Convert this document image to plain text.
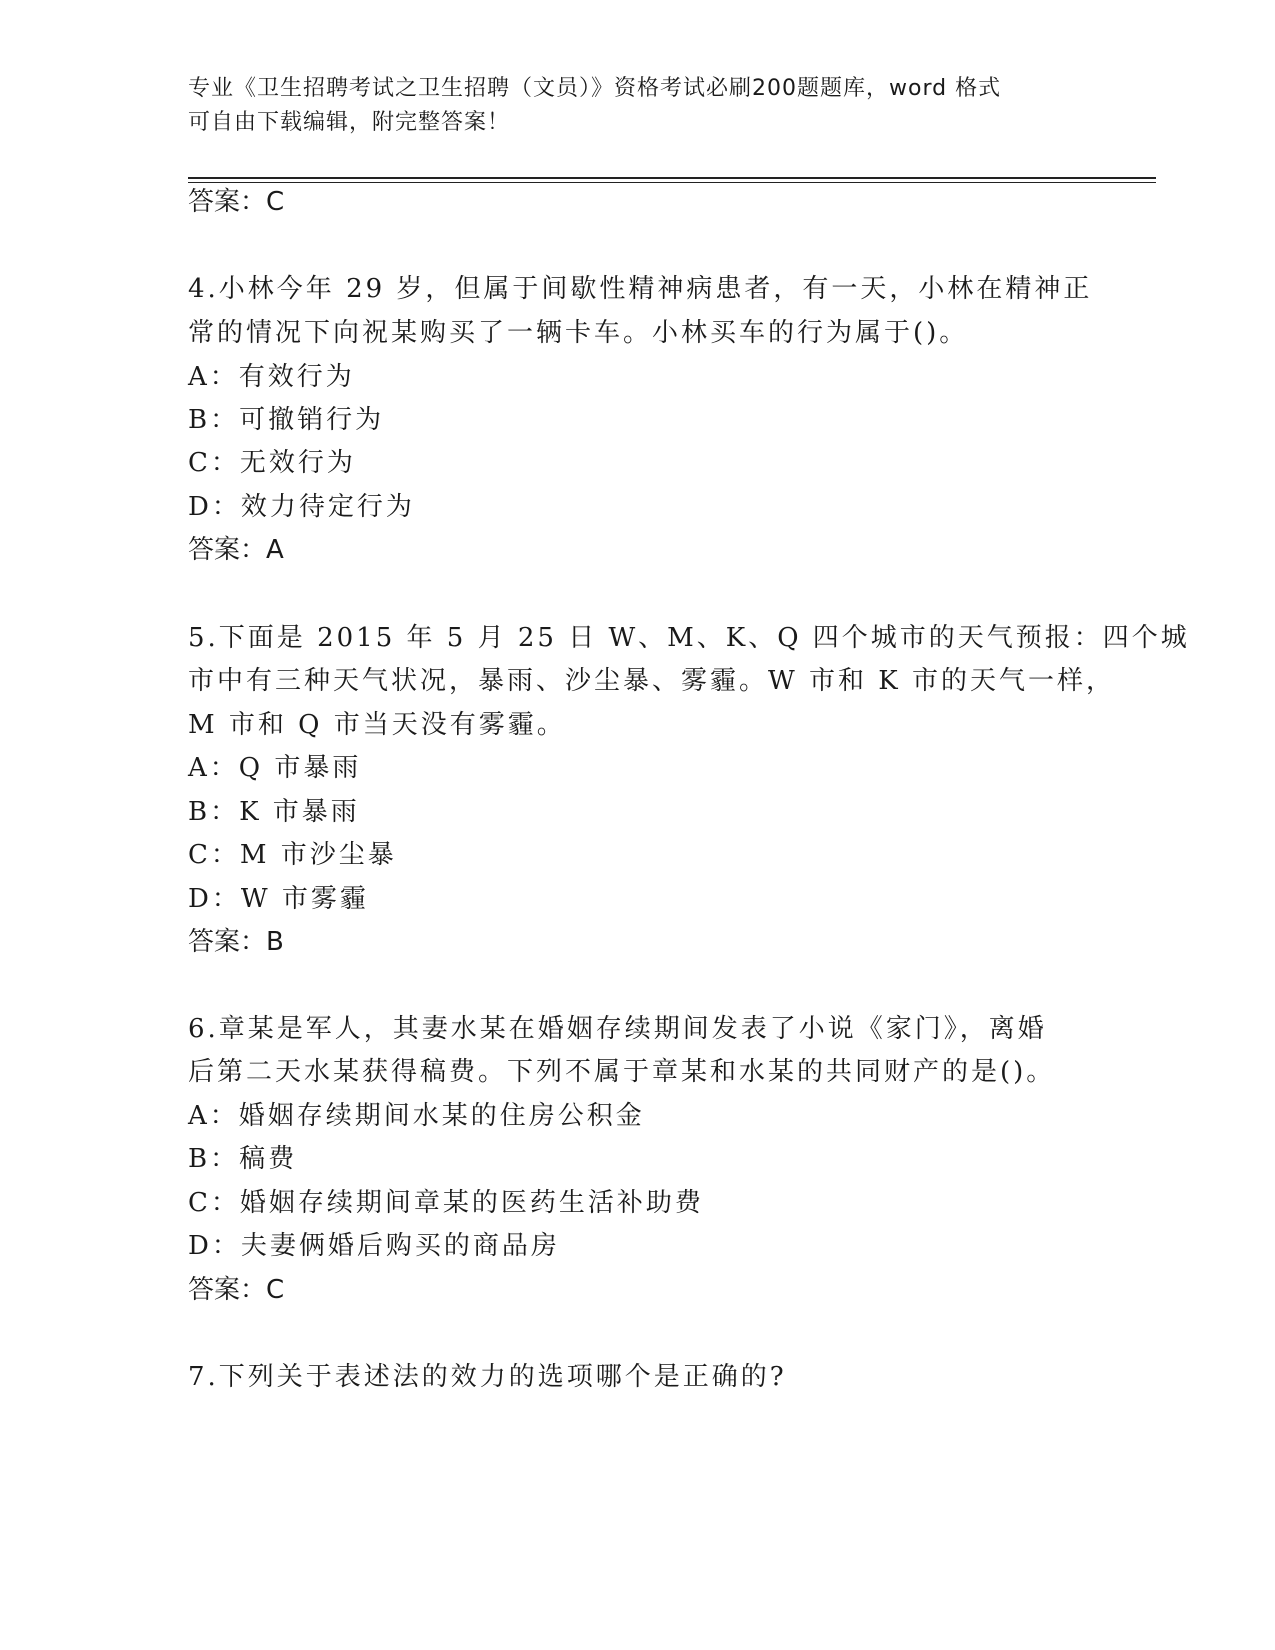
专业《卫生招聘考试之卫生招聘（文员）》资格考试必刷200题题库，word 格式
可自由下载编辑，附完整答案！
答案：C
4.小林今年 29 岁，但属于间歇性精神病患者，有一天，小林在精神正
常的情况下向祝某购买了一辆卡车。小林买车的行为属于()。
A：有效行为
B：可撤销行为
C：无效行为
D：效力待定行为
答案：A
5.下面是 2015 年 5 月 25 日 W、M、K、Q 四个城市的天气预报：四个城
市中有三种天气状况，暴雨、沙尘暴、雾霾。W 市和 K 市的天气一样，
M 市和 Q 市当天没有雾霾。
A：Q 市暴雨
B：K 市暴雨
C：M 市沙尘暴
D：W 市雾霾
答案：B
6.章某是军人，其妻水某在婚姻存续期间发表了小说《家门》，离婚
后第二天水某获得稿费。下列不属于章某和水某的共同财产的是()。
A：婚姻存续期间水某的住房公积金
B：稿费
C：婚姻存续期间章某的医药生活补助费
D：夫妻俩婚后购买的商品房
答案：C
7.下列关于表述法的效力的选项哪个是正确的?
